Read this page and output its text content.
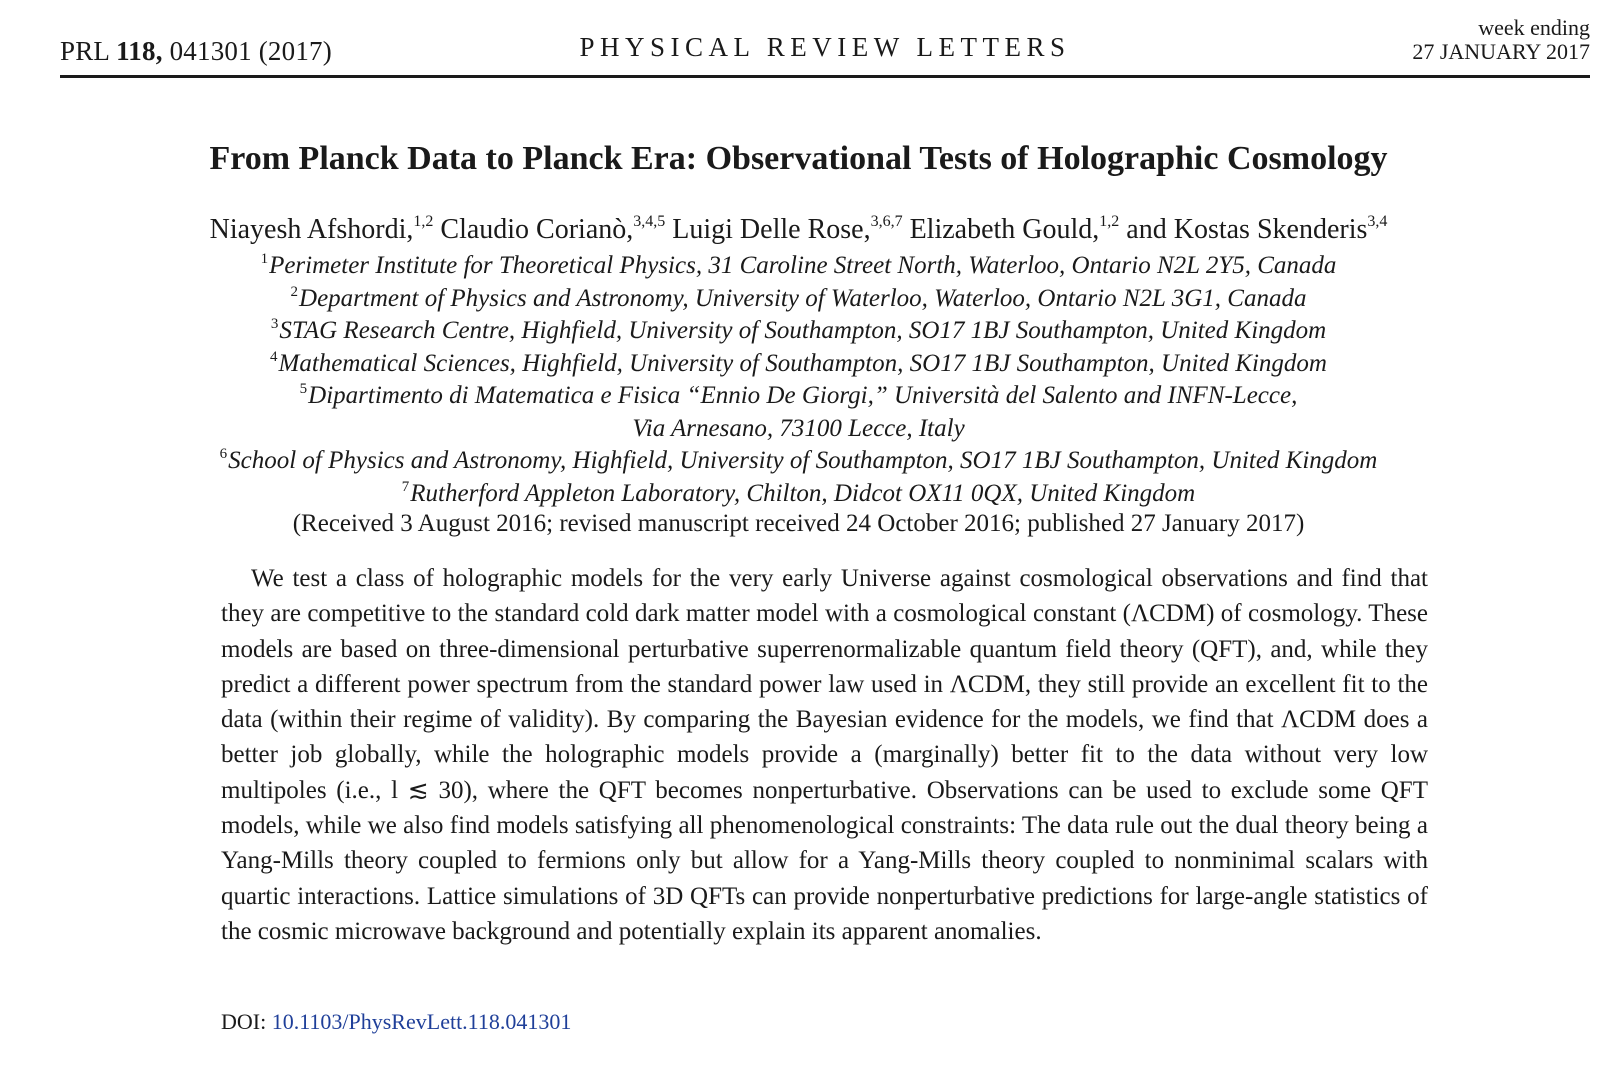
PRL 118, 041301 (2017)	PHYSICAL REVIEW LETTERS
week ending
27 JANUARY 2017
From Planck Data to Planck Era: Observational Tests of Holographic Cosmology
Niayesh Afshordi,$^{1,2}$ Claudio Corianò,$^{3,4,5}$ Luigi Delle Rose,$^{3,6,7}$ Elizabeth Gould,$^{1,2}$ and Kostas Skenderis$^{3,4}$
$^1$Perimeter Institute for Theoretical Physics, 31 Caroline Street North, Waterloo, Ontario N2L 2Y5, Canada
$^2$Department of Physics and Astronomy, University of Waterloo, Waterloo, Ontario N2L 3G1, Canada
$^3$STAG Research Centre, Highfield, University of Southampton, SO17 1BJ Southampton, United Kingdom
$^4$Mathematical Sciences, Highfield, University of Southampton, SO17 1BJ Southampton, United Kingdom
$^5$Dipartimento di Matematica e Fisica “Ennio De Giorgi,” Università del Salento and INFN-Lecce,
Via Arnesano, 73100 Lecce, Italy
$^6$School of Physics and Astronomy, Highfield, University of Southampton, SO17 1BJ Southampton, United Kingdom
$^7$Rutherford Appleton Laboratory, Chilton, Didcot OX11 0QX, United Kingdom
(Received 3 August 2016; revised manuscript received 24 October 2016; published 27 January 2017)

We test a class of holographic models for the very early Universe against cosmological observations and find that they are competitive to the standard cold dark matter model with a cosmological constant (ΛCDM) of cosmology. These models are based on three-dimensional perturbative superrenormalizable quantum field theory (QFT), and, while they predict a different power spectrum from the standard power law used in ΛCDM, they still provide an excellent fit to the data (within their regime of validity). By comparing the Bayesian evidence for the models, we find that ΛCDM does a better job globally, while the holographic models provide a (marginally) better fit to the data without very low multipoles (i.e., l ≲ 30), where the QFT becomes nonperturbative. Observations can be used to exclude some QFT models, while we also find models satisfying all phenomenological constraints: The data rule out the dual theory being a Yang-Mills theory coupled to fermions only but allow for a Yang-Mills theory coupled to nonminimal scalars with quartic interactions. Lattice simulations of 3D QFTs can provide nonperturbative predictions for large-angle statistics of the cosmic microwave background and potentially explain its apparent anomalies.

DOI: 10.1103/PhysRevLett.118.041301
